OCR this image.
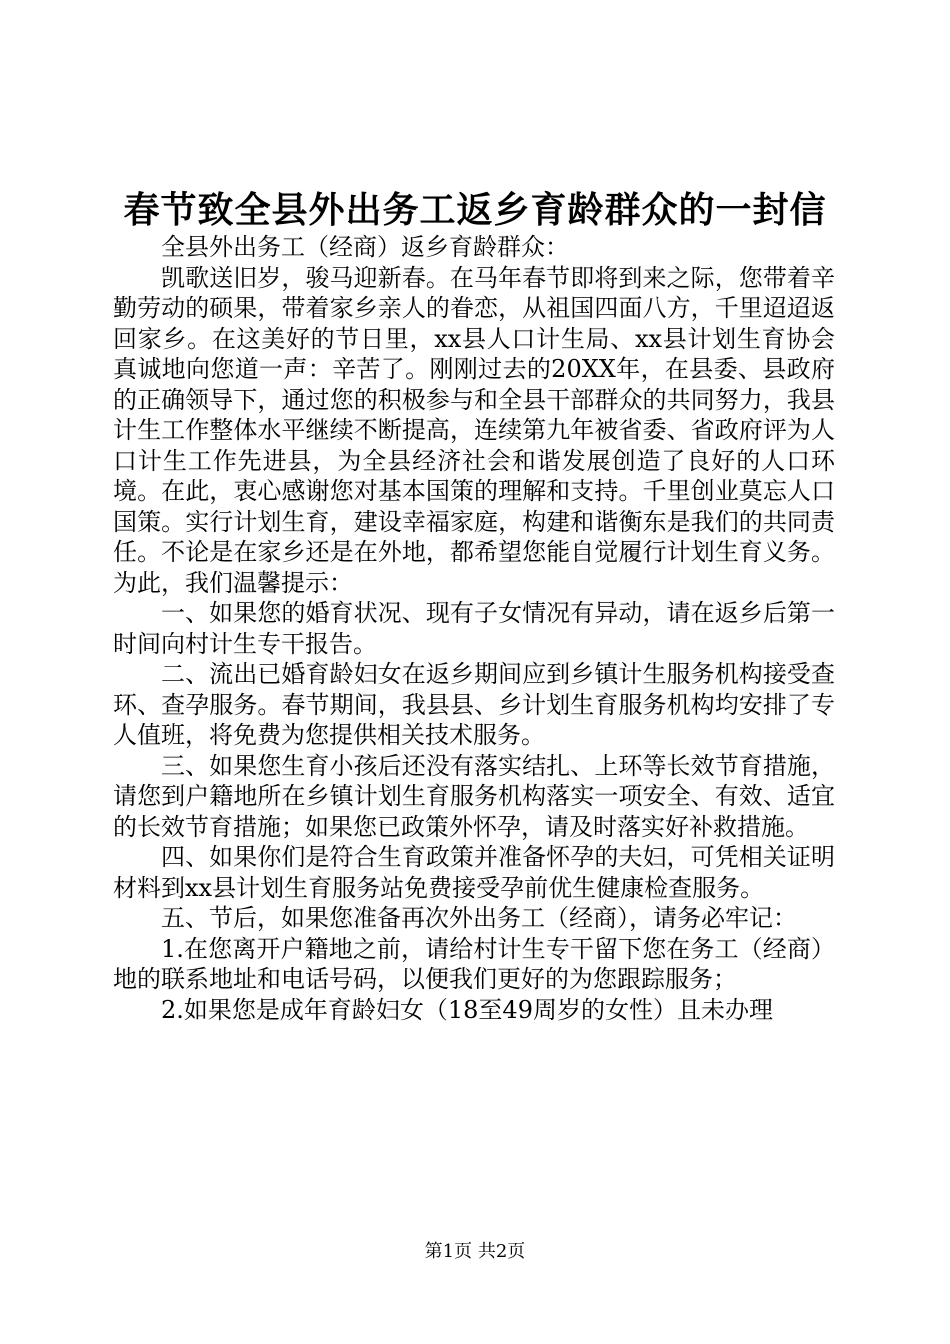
春节致全县外出务工返乡育龄群众的一封信

全县外出务工（经商）返乡育龄群众：

凯歌送旧岁，骏马迎新春。在马年春节即将到来之际，您带着辛勤劳动的硕果，带着家乡亲人的眷恋，从祖国四面八方，千里迢迢返回家乡。在这美好的节日里，xx县人口计生局、xx县计划生育协会真诚地向您道一声：辛苦了。刚刚过去的20XX年，在县委、县政府的正确领导下，通过您的积极参与和全县干部群众的共同努力，我县计生工作整体水平继续不断提高，连续第九年被省委、省政府评为人口计生工作先进县，为全县经济社会和谐发展创造了良好的人口环境。在此，衷心感谢您对基本国策的理解和支持。千里创业莫忘人口国策。实行计划生育，建设幸福家庭，构建和谐衡东是我们的共同责任。不论是在家乡还是在外地，都希望您能自觉履行计划生育义务。为此，我们温馨提示：

一、如果您的婚育状况、现有子女情况有异动，请在返乡后第一时间向村计生专干报告。

二、流出已婚育龄妇女在返乡期间应到乡镇计生服务机构接受查环、查孕服务。春节期间，我县县、乡计划生育服务机构均安排了专人值班，将免费为您提供相关技术服务。

三、如果您生育小孩后还没有落实结扎、上环等长效节育措施，请您到户籍地所在乡镇计划生育服务机构落实一项安全、有效、适宜的长效节育措施；如果您已政策外怀孕，请及时落实好补救措施。

四、如果你们是符合生育政策并准备怀孕的夫妇，可凭相关证明材料到xx县计划生育服务站免费接受孕前优生健康检查服务。

五、节后，如果您准备再次外出务工（经商），请务必牢记：

1.在您离开户籍地之前，请给村计生专干留下您在务工（经商）地的联系地址和电话号码，以便我们更好的为您跟踪服务；

2.如果您是成年育龄妇女（18至49周岁的女性）且未办理

第1页 共2页
